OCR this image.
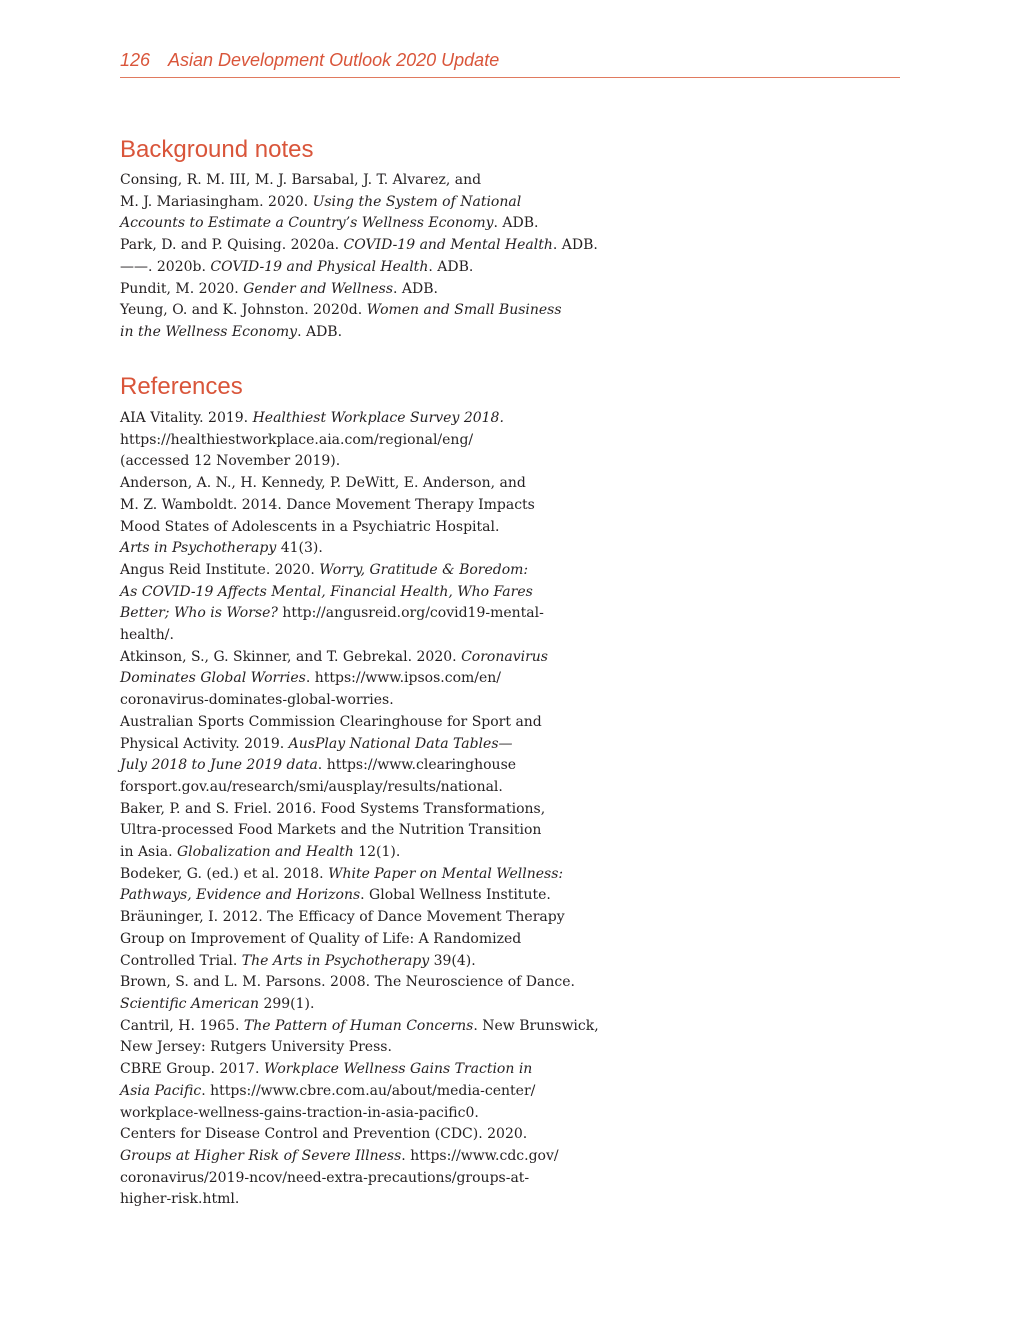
126 Asian Development Outlook 2020 Update
Background notes
Consing, R. M. III, M. J. Barsabal, J. T. Alvarez, and
M. J. Mariasingham. 2020. Using the System of National
Accounts to Estimate a Country’s Wellness Economy. ADB.
Park, D. and P. Quising. 2020a. COVID-19 and Mental Health. ADB.
——. 2020b. COVID-19 and Physical Health. ADB.
Pundit, M. 2020. Gender and Wellness. ADB.
Yeung, O. and K. Johnston. 2020d. Women and Small Business
in the Wellness Economy. ADB.
References
AIA Vitality. 2019. Healthiest Workplace Survey 2018.
https://healthiestworkplace.aia.com/regional/eng/
(accessed 12 November 2019).
Anderson, A. N., H. Kennedy, P. DeWitt, E. Anderson, and
M. Z. Wamboldt. 2014. Dance Movement Therapy Impacts
Mood States of Adolescents in a Psychiatric Hospital.
Arts in Psychotherapy 41(3).
Angus Reid Institute. 2020. Worry, Gratitude & Boredom:
As COVID-19 Affects Mental, Financial Health, Who Fares
Better; Who is Worse? http://angusreid.org/covid19-mental-
health/.
Atkinson, S., G. Skinner, and T. Gebrekal. 2020. Coronavirus
Dominates Global Worries. https://www.ipsos.com/en/
coronavirus-dominates-global-worries.
Australian Sports Commission Clearinghouse for Sport and
Physical Activity. 2019. AusPlay National Data Tables—
July 2018 to June 2019 data. https://www.clearinghouse
forsport.gov.au/research/smi/ausplay/results/national.
Baker, P. and S. Friel. 2016. Food Systems Transformations,
Ultra-processed Food Markets and the Nutrition Transition
in Asia. Globalization and Health 12(1).
Bodeker, G. (ed.) et al. 2018. White Paper on Mental Wellness:
Pathways, Evidence and Horizons. Global Wellness Institute.
Bräuninger, I. 2012. The Efficacy of Dance Movement Therapy
Group on Improvement of Quality of Life: A Randomized
Controlled Trial. The Arts in Psychotherapy 39(4).
Brown, S. and L. M. Parsons. 2008. The Neuroscience of Dance.
Scientific American 299(1).
Cantril, H. 1965. The Pattern of Human Concerns. New Brunswick,
New Jersey: Rutgers University Press.
CBRE Group. 2017. Workplace Wellness Gains Traction in
Asia Pacific. https://www.cbre.com.au/about/media-center/
workplace-wellness-gains-traction-in-asia-pacific0.
Centers for Disease Control and Prevention (CDC). 2020.
Groups at Higher Risk of Severe Illness. https://www.cdc.gov/
coronavirus/2019-ncov/need-extra-precautions/groups-at-
higher-risk.html.
